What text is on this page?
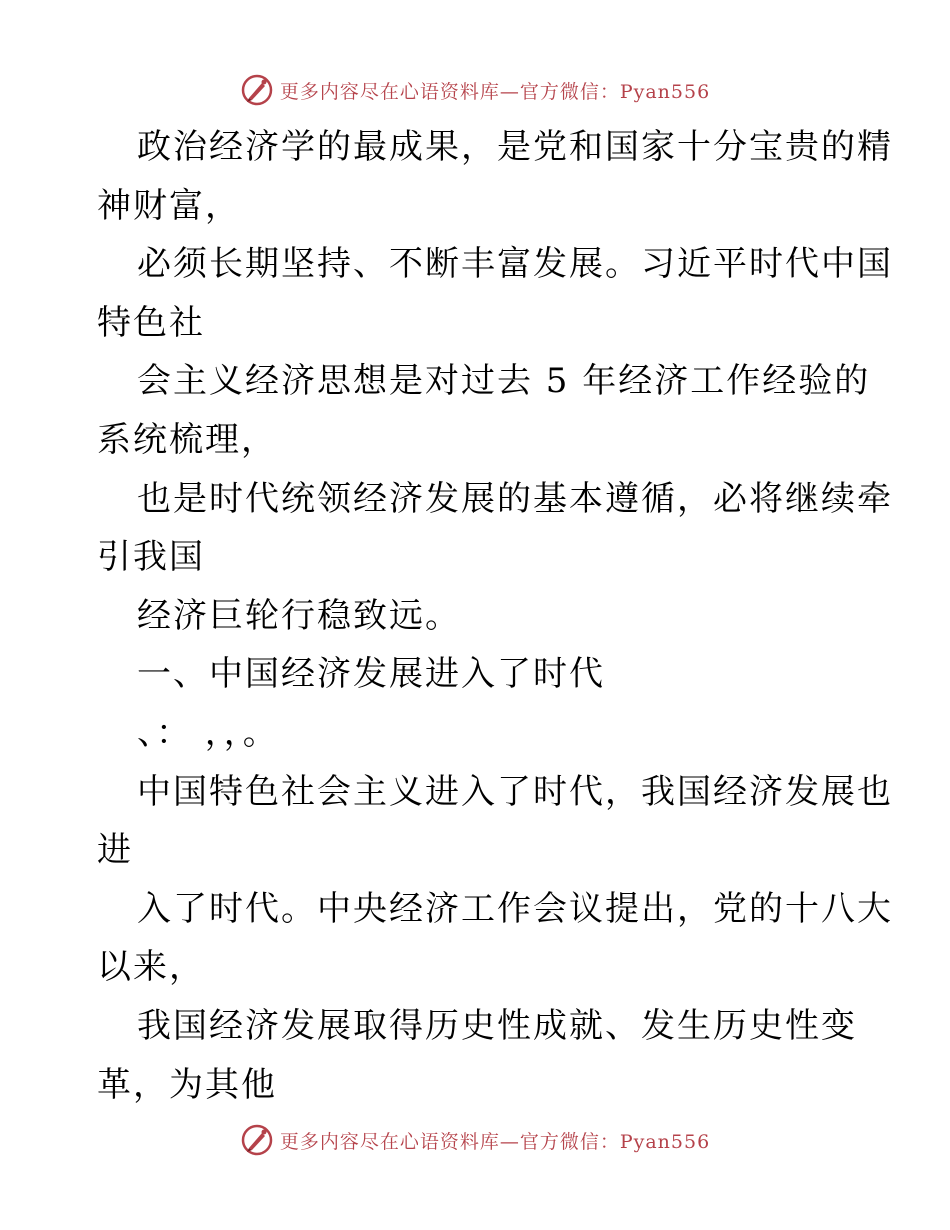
更多内容尽在心语资料库—官方微信：Pyan556
政治经济学的最成果，是党和国家十分宝贵的精
神财富，
必须长期坚持、不断丰富发展。习近平时代中国
特色社
会主义经济思想是对过去 5 年经济工作经验的
系统梳理，
也是时代统领经济发展的基本遵循，必将继续牵
引我国
经济巨轮行稳致远。
一、中国经济发展进入了时代
、： ，，。
中国特色社会主义进入了时代，我国经济发展也
进
入了时代。中央经济工作会议提出，党的十八大
以来，
我国经济发展取得历史性成就、发生历史性变
革，为其他
更多内容尽在心语资料库—官方微信：Pyan556
